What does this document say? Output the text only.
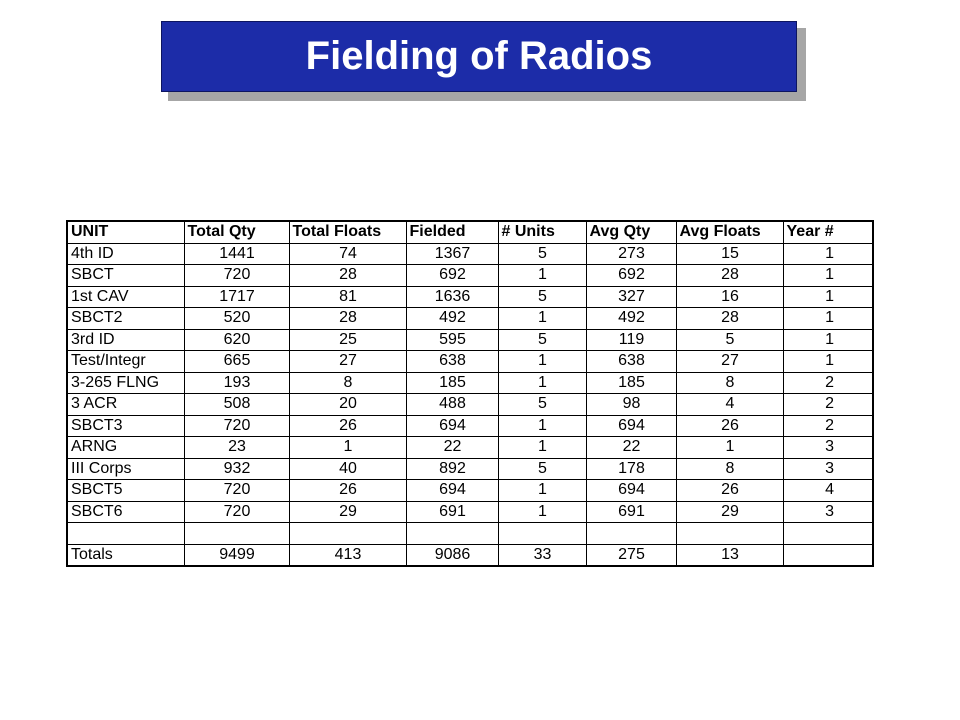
Fielding of Radios
UNIT	Total Qty	Total Floats	Fielded	# Units	Avg Qty	Avg Floats	Year #
4th ID	1441	74	1367	5	273	15	1
SBCT	720	28	692	1	692	28	1
1st CAV	1717	81	1636	5	327	16	1
SBCT2	520	28	492	1	492	28	1
3rd ID	620	25	595	5	119	5	1
Test/Integr	665	27	638	1	638	27	1
3-265 FLNG	193	8	185	1	185	8	2
3 ACR	508	20	488	5	98	4	2
SBCT3	720	26	694	1	694	26	2
ARNG	23	1	22	1	22	1	3
III Corps	932	40	892	5	178	8	3
SBCT5	720	26	694	1	694	26	4
SBCT6	720	29	691	1	691	29	3

Totals	9499	413	9086	33	275	13	
